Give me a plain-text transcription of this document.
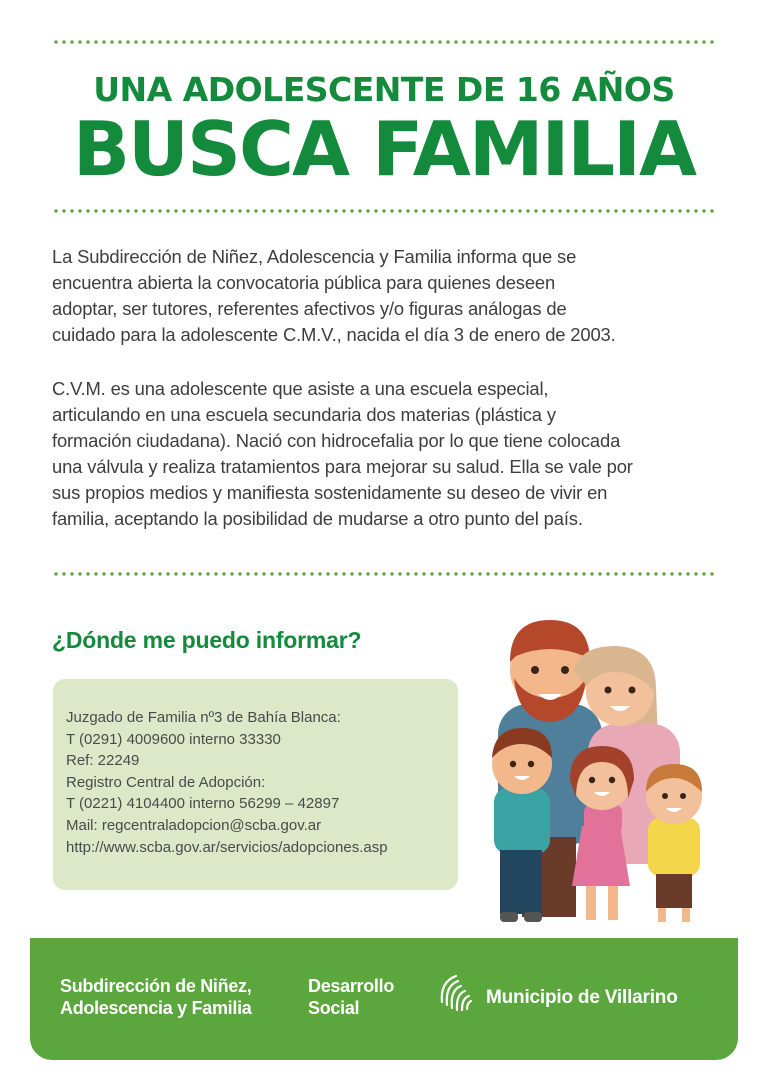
UNA ADOLESCENTE DE 16 AÑOS
BUSCA FAMILIA
La Subdirección de Niñez, Adolescencia y Familia informa que se
encuentra abierta la convocatoria pública para quienes deseen
adoptar, ser tutores, referentes afectivos y/o figuras análogas de
cuidado para la adolescente C.M.V., nacida el día 3 de enero de 2003.
C.V.M. es una adolescente que asiste a una escuela especial,
articulando en una escuela secundaria dos materias (plástica y
formación ciudadana). Nació con hidrocefalia por lo que tiene colocada
una válvula y realiza tratamientos para mejorar su salud. Ella se vale por
sus propios medios y manifiesta sostenidamente su deseo de vivir en
familia, aceptando la posibilidad de mudarse a otro punto del país.
¿Dónde me puedo informar?
Juzgado de Familia nº3 de Bahía Blanca:
T (0291) 4009600 interno 33330
Ref: 22249
Registro Central de Adopción:
T (0221) 4104400 interno 56299 – 42897
Mail: regcentraladopcion@scba.gov.ar
http://www.scba.gov.ar/servicios/adopciones.asp
Subdirección de Niñez,
Adolescencia y Familia
Desarrollo
Social	Municipio de Villarino
